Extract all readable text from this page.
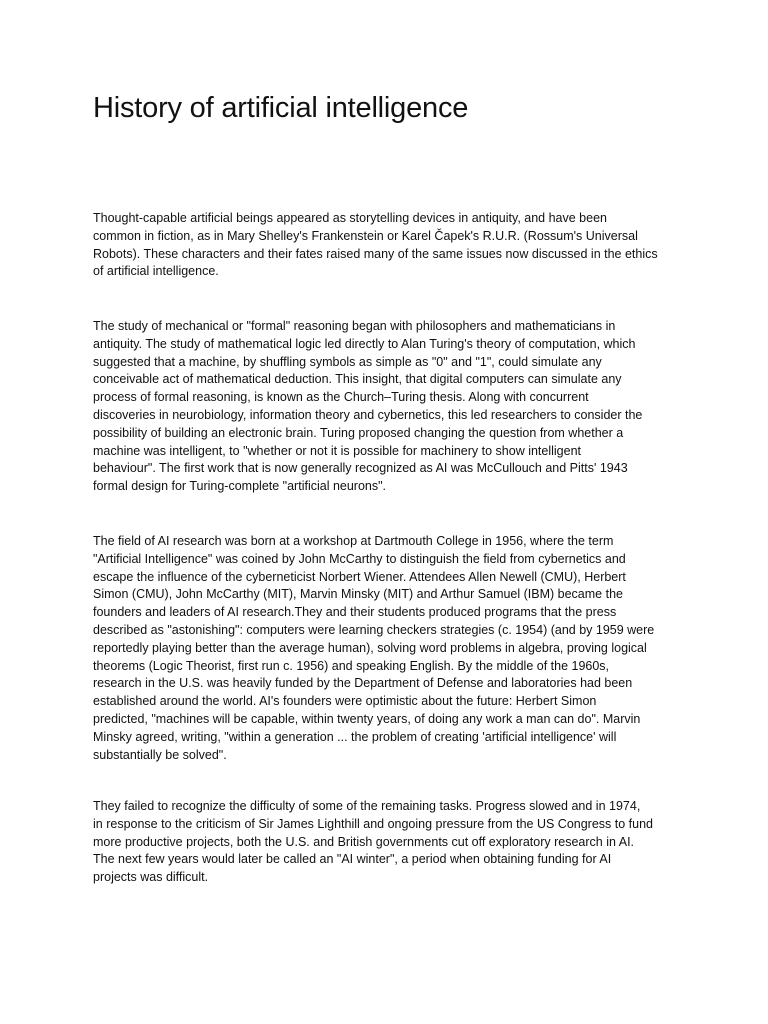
History of artificial intelligence
Thought-capable artificial beings appeared as storytelling devices in antiquity, and have been
common in fiction, as in Mary Shelley's Frankenstein or Karel Čapek's R.U.R. (Rossum's Universal
Robots). These characters and their fates raised many of the same issues now discussed in the ethics
of artificial intelligence.
The study of mechanical or "formal" reasoning began with philosophers and mathematicians in
antiquity. The study of mathematical logic led directly to Alan Turing's theory of computation, which
suggested that a machine, by shuffling symbols as simple as "0" and "1", could simulate any
conceivable act of mathematical deduction. This insight, that digital computers can simulate any
process of formal reasoning, is known as the Church–Turing thesis. Along with concurrent
discoveries in neurobiology, information theory and cybernetics, this led researchers to consider the
possibility of building an electronic brain. Turing proposed changing the question from whether a
machine was intelligent, to "whether or not it is possible for machinery to show intelligent
behaviour". The first work that is now generally recognized as AI was McCullouch and Pitts' 1943
formal design for Turing-complete "artificial neurons".
The field of AI research was born at a workshop at Dartmouth College in 1956, where the term
"Artificial Intelligence" was coined by John McCarthy to distinguish the field from cybernetics and
escape the influence of the cyberneticist Norbert Wiener. Attendees Allen Newell (CMU), Herbert
Simon (CMU), John McCarthy (MIT), Marvin Minsky (MIT) and Arthur Samuel (IBM) became the
founders and leaders of AI research.They and their students produced programs that the press
described as "astonishing": computers were learning checkers strategies (c. 1954) (and by 1959 were
reportedly playing better than the average human), solving word problems in algebra, proving logical
theorems (Logic Theorist, first run c. 1956) and speaking English. By the middle of the 1960s,
research in the U.S. was heavily funded by the Department of Defense and laboratories had been
established around the world. AI's founders were optimistic about the future: Herbert Simon
predicted, "machines will be capable, within twenty years, of doing any work a man can do". Marvin
Minsky agreed, writing, "within a generation ... the problem of creating 'artificial intelligence' will
substantially be solved".
They failed to recognize the difficulty of some of the remaining tasks. Progress slowed and in 1974,
in response to the criticism of Sir James Lighthill and ongoing pressure from the US Congress to fund
more productive projects, both the U.S. and British governments cut off exploratory research in AI.
The next few years would later be called an "AI winter", a period when obtaining funding for AI
projects was difficult.
